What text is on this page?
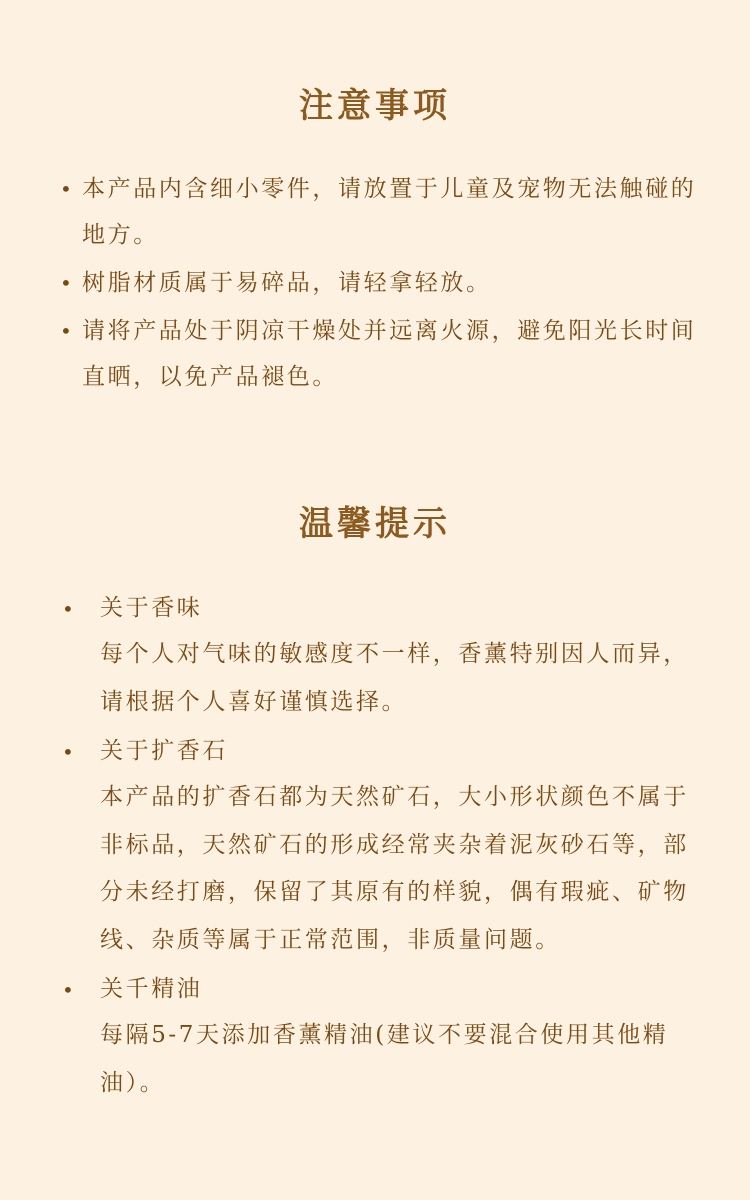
注意事项
• 本产品内含细小零件，请放置于儿童及宠物无法触碰的地方。
• 树脂材质属于易碎品，请轻拿轻放。
• 请将产品处于阴凉干燥处并远离火源，避免阳光长时间直晒，以免产品褪色。
温馨提示
• 关于香味
每个人对气味的敏感度不一样，香薰特别因人而异，请根据个人喜好谨慎选择。
• 关于扩香石
本产品的扩香石都为天然矿石，大小形状颜色不属于非标品，天然矿石的形成经常夹杂着泥灰砂石等，部分未经打磨，保留了其原有的样貌，偶有瑕疵、矿物线、杂质等属于正常范围，非质量问题。
• 关千精油
每隔5-7天添加香薰精油(建议不要混合使用其他精油）。
